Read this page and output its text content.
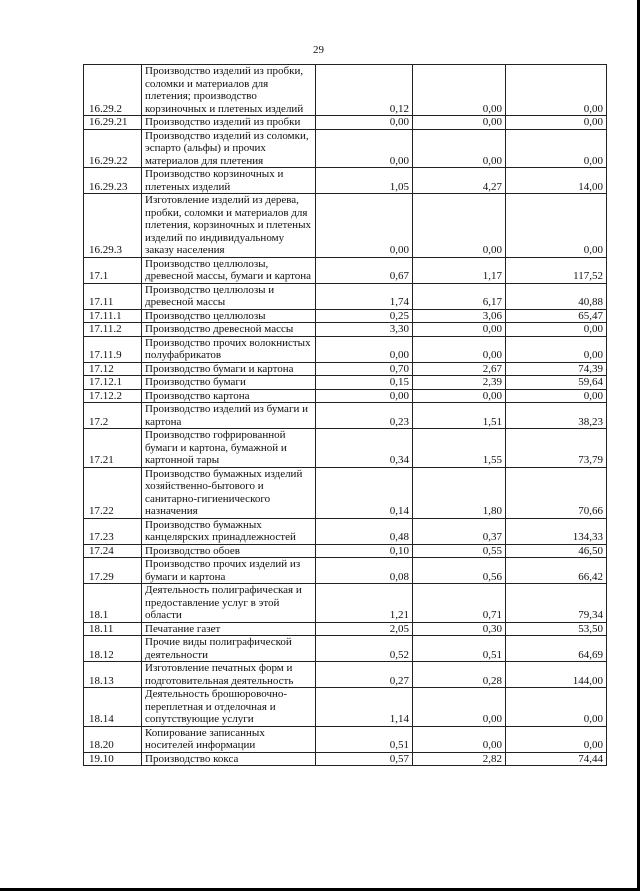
29
16.29.2	Производство изделий из пробки, соломки и материалов для плетения; производство корзиночных и плетеных изделий	0,12	0,00	0,00
16.29.21	Производство изделий из пробки	0,00	0,00	0,00
16.29.22	Производство изделий из соломки, эспарто (альфы) и прочих материалов для плетения	0,00	0,00	0,00
16.29.23	Производство корзиночных и плетеных изделий	1,05	4,27	14,00
16.29.3	Изготовление изделий из дерева, пробки, соломки и материалов для плетения, корзиночных и плетеных изделий по индивидуальному заказу населения	0,00	0,00	0,00
17.1	Производство целлюлозы, древесной массы, бумаги и картона	0,67	1,17	117,52
17.11	Производство целлюлозы и древесной массы	1,74	6,17	40,88
17.11.1	Производство целлюлозы	0,25	3,06	65,47
17.11.2	Производство древесной массы	3,30	0,00	0,00
17.11.9	Производство прочих волокнистых полуфабрикатов	0,00	0,00	0,00
17.12	Производство бумаги и картона	0,70	2,67	74,39
17.12.1	Производство бумаги	0,15	2,39	59,64
17.12.2	Производство картона	0,00	0,00	0,00
17.2	Производство изделий из бумаги и картона	0,23	1,51	38,23
17.21	Производство гофрированной бумаги и картона, бумажной и картонной тары	0,34	1,55	73,79
17.22	Производство бумажных изделий хозяйственно-бытового и санитарно-гигиенического назначения	0,14	1,80	70,66
17.23	Производство бумажных канцелярских принадлежностей	0,48	0,37	134,33
17.24	Производство обоев	0,10	0,55	46,50
17.29	Производство прочих изделий из бумаги и картона	0,08	0,56	66,42
18.1	Деятельность полиграфическая и предоставление услуг в этой области	1,21	0,71	79,34
18.11	Печатание газет	2,05	0,30	53,50
18.12	Прочие виды полиграфической деятельности	0,52	0,51	64,69
18.13	Изготовление печатных форм и подготовительная деятельность	0,27	0,28	144,00
18.14	Деятельность брошюровочно-переплетная и отделочная и сопутствующие услуги	1,14	0,00	0,00
18.20	Копирование записанных носителей информации	0,51	0,00	0,00
19.10	Производство кокса	0,57	2,82	74,44
